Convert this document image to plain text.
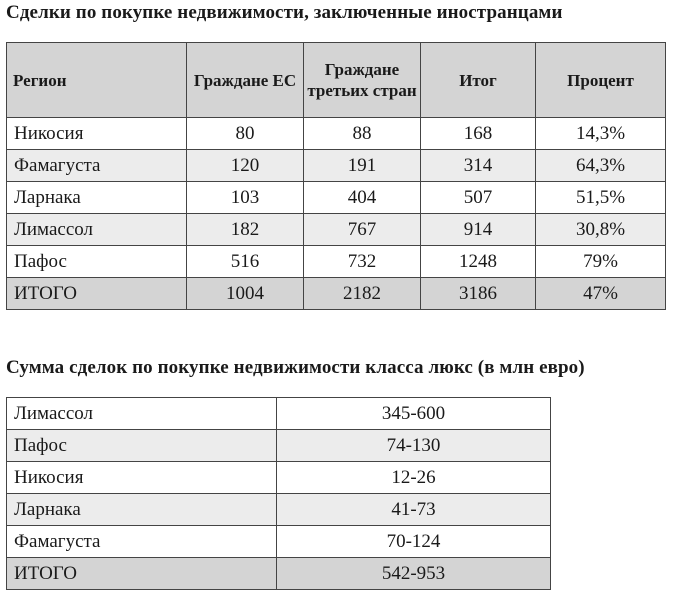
Сделки по покупке недвижимости, заключенные иностранцами
Регион	Граждане ЕС	Граждане третьих стран	Итог	Процент
Никосия	80	88	168	14,3%
Фамагуста	120	191	314	64,3%
Ларнака	103	404	507	51,5%
Лимассол	182	767	914	30,8%
Пафос	516	732	1248	79%
ИТОГО	1004	2182	3186	47%
Сумма сделок по покупке недвижимости класса люкс (в млн евро)
Лимассол	345-600
Пафос	74-130
Никосия	12-26
Ларнака	41-73
Фамагуста	70-124
ИТОГО	542-953
